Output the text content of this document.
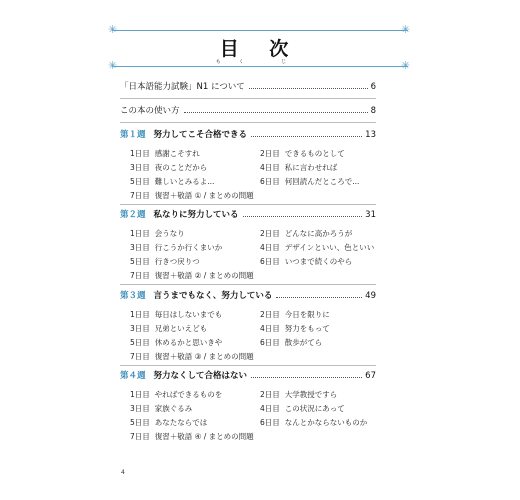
✳	✳
✳	✳
目 次
もく じ
「日本語能力試験」N1 について	6
この本の使い方	8
第１週 努力してこそ合格できる	13
1日目 感謝こそすれ	2日目 できるものとして
3日目 夜のことだから	4日目 私に言わせれば
5日目 難しいとみるよ...	6日目 何回読んだところで...
7日目 復習＋敬語 ① / まとめの問題
第２週 私なりに努力している	31
1日目 会うなり	2日目 どんなに高かろうが
3日目 行こうか行くまいか	4日目 デザインといい、色といい
5日目 行きつ戻りつ	6日目 いつまで続くのやら
7日目 復習＋敬語 ② / まとめの問題
第３週 言うまでもなく、努力している	49
1日目 毎日はしないまでも	2日目 今日を限りに
3日目 兄弟といえども	4日目 努力をもって
5日目 休めるかと思いきや	6日目 散歩がてら
7日目 復習＋敬語 ③ / まとめの問題
第４週 努力なくして合格はない	67
1日目 やればできるものを	2日目 大学教授ですら
3日目 家族ぐるみ	4日目 この状況にあって
5日目 あなたならでは	6日目 なんとかならないものか
7日目 復習＋敬語 ④ / まとめの問題
4
